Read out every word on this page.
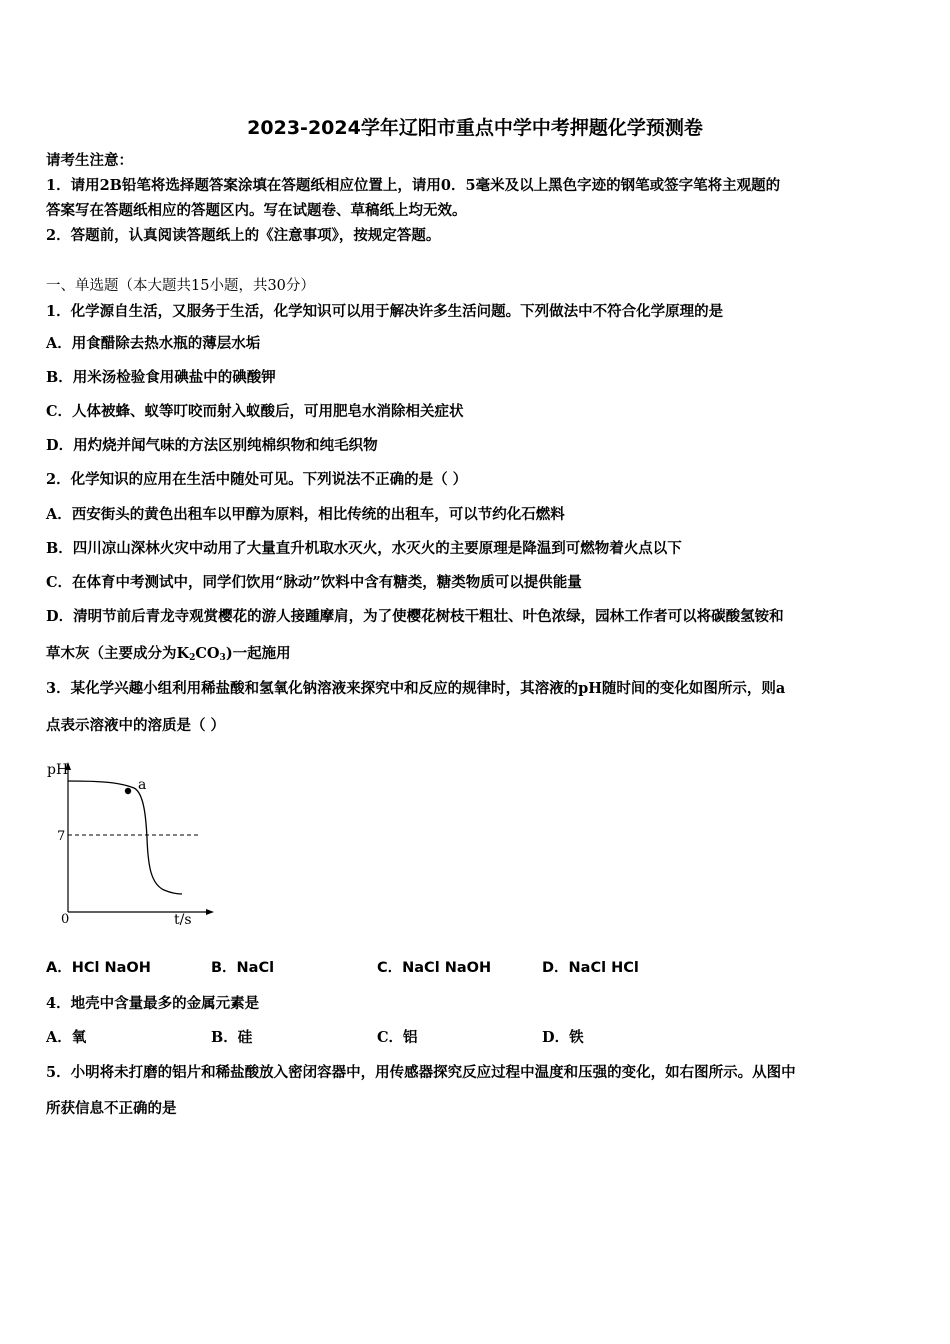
2023-2024学年辽阳市重点中学中考押题化学预测卷
请考生注意：
1．请用2B铅笔将选择题答案涂填在答题纸相应位置上，请用0．5毫米及以上黑色字迹的钢笔或签字笔将主观题的
答案写在答题纸相应的答题区内。写在试题卷、草稿纸上均无效。
2．答题前，认真阅读答题纸上的《注意事项》，按规定答题。
一、单选题（本大题共15小题，共30分）
1．化学源自生活，又服务于生活，化学知识可以用于解决许多生活问题。下列做法中不符合化学原理的是
A．用食醋除去热水瓶的薄层水垢
B．用米汤检验食用碘盐中的碘酸钾
C．人体被蜂、蚁等叮咬而射入蚁酸后，可用肥皂水消除相关症状
D．用灼烧并闻气味的方法区别纯棉织物和纯毛织物
2．化学知识的应用在生活中随处可见。下列说法不正确的是（ ）
A．西安街头的黄色出租车以甲醇为原料，相比传统的出租车，可以节约化石燃料
B．四川凉山深林火灾中动用了大量直升机取水灭火，水灭火的主要原理是降温到可燃物着火点以下
C．在体育中考测试中，同学们饮用“脉动”饮料中含有糖类，糖类物质可以提供能量
D．清明节前后青龙寺观赏樱花的游人接踵摩肩，为了使樱花树枝干粗壮、叶色浓绿，园林工作者可以将碳酸氢铵和
草木灰（主要成分为$K_2CO_3$)一起施用
3．某化学兴趣小组利用稀盐酸和氢氧化钠溶液来探究中和反应的规律时，其溶液的pH随时间的变化如图所示，则a
点表示溶液中的溶质是（ ）
pH
t/s
0
7
a
A．HCl NaOH	B．NaCl	C．NaCl NaOH	D．NaCl HCl
4．地壳中含量最多的金属元素是
A．氧	B．硅	C．铝	D．铁
5．小明将未打磨的铝片和稀盐酸放入密闭容器中，用传感器探究反应过程中温度和压强的变化，如右图所示。从图中
所获信息不正确的是
